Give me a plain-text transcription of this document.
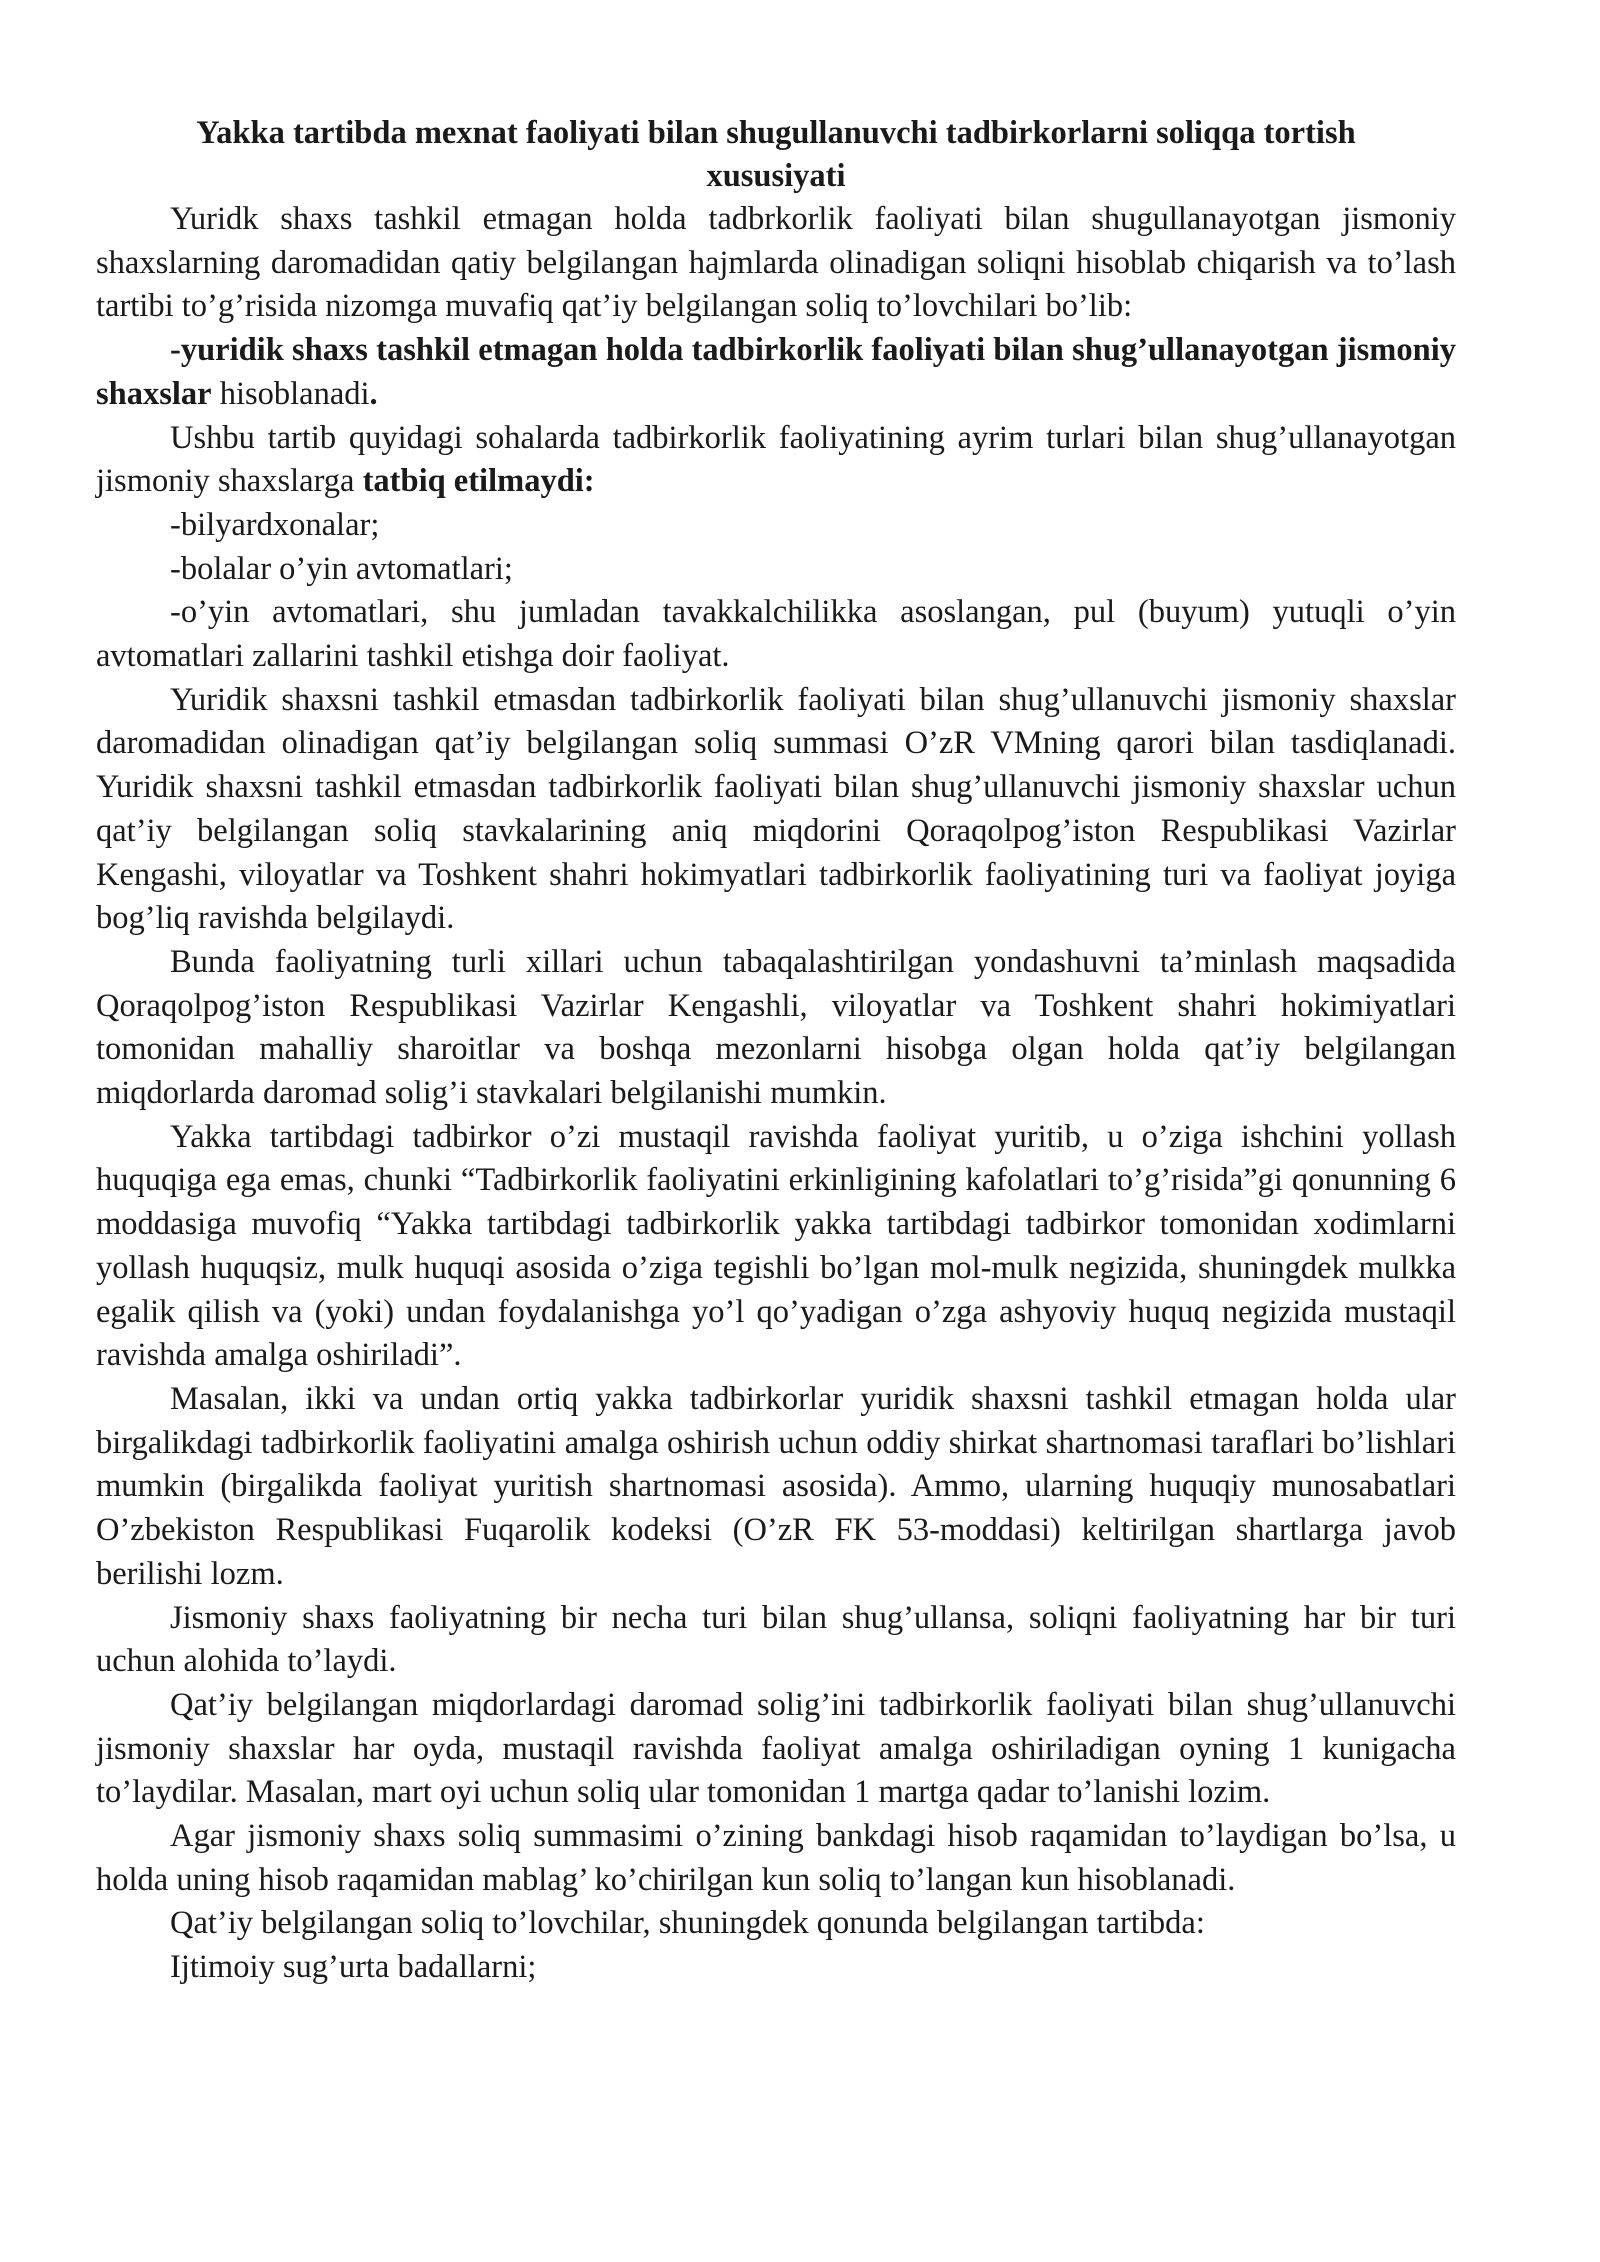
Yakka tartibda mexnat faoliyati bilan shugullanuvchi tadbirkorlarni soliqqa tortish xususiyati

Yuridk shaxs tashkil etmagan holda tadbrkorlik faoliyati bilan shugullanayotgan jismoniy shaxslarning daromadidan qatiy belgilangan hajmlarda olinadigan soliqni hisoblab chiqarish va to’lash tartibi to’g’risida nizomga muvafiq qat’iy belgilangan soliq to’lovchilari bo’lib:

-yuridik shaxs tashkil etmagan holda tadbirkorlik faoliyati bilan shug’ullanayotgan jismoniy shaxslar hisoblanadi.

Ushbu tartib quyidagi sohalarda tadbirkorlik faoliyatining ayrim turlari bilan shug’ullanayotgan jismoniy shaxslarga tatbiq etilmaydi:

-bilyardxonalar;

-bolalar o’yin avtomatlari;

-o’yin avtomatlari, shu jumladan tavakkalchilikka asoslangan, pul (buyum) yutuqli o’yin avtomatlari zallarini tashkil etishga doir faoliyat.

Yuridik shaxsni tashkil etmasdan tadbirkorlik faoliyati bilan shug’ullanuvchi jismoniy shaxslar daromadidan olinadigan qat’iy belgilangan soliq summasi O’zR VMning qarori bilan tasdiqlanadi. Yuridik shaxsni tashkil etmasdan tadbirkorlik faoliyati bilan shug’ullanuvchi jismoniy shaxslar uchun qat’iy belgilangan soliq stavkalarining aniq miqdorini Qoraqolpog’iston Respublikasi Vazirlar Kengashi, viloyatlar va Toshkent shahri hokimyatlari tadbirkorlik faoliyatining turi va faoliyat joyiga bog’liq ravishda belgilaydi.

Bunda faoliyatning turli xillari uchun tabaqalashtirilgan yondashuvni ta’minlash maqsadida Qoraqolpog’iston Respublikasi Vazirlar Kengashli, viloyatlar va Toshkent shahri hokimiyatlari tomonidan mahalliy sharoitlar va boshqa mezonlarni hisobga olgan holda qat’iy belgilangan miqdorlarda daromad solig’i stavkalari belgilanishi mumkin.

Yakka tartibdagi tadbirkor o’zi mustaqil ravishda faoliyat yuritib, u o’ziga ishchini yollash huquqiga ega emas, chunki “Tadbirkorlik faoliyatini erkinligining kafolatlari to’g’risida”gi qonunning 6 moddasiga muvofiq “Yakka tartibdagi tadbirkorlik yakka tartibdagi tadbirkor tomonidan xodimlarni yollash huquqsiz, mulk huquqi asosida o’ziga tegishli bo’lgan mol-mulk negizida, shuningdek mulkka egalik qilish va (yoki) undan foydalanishga yo’l qo’yadigan o’zga ashyoviy huquq negizida mustaqil ravishda amalga oshiriladi”.

Masalan, ikki va undan ortiq yakka tadbirkorlar yuridik shaxsni tashkil etmagan holda ular birgalikdagi tadbirkorlik faoliyatini amalga oshirish uchun oddiy shirkat shartnomasi taraflari bo’lishlari mumkin (birgalikda faoliyat yuritish shartnomasi asosida). Ammo, ularning huquqiy munosabatlari O’zbekiston Respublikasi Fuqarolik kodeksi (O’zR FK 53-moddasi) keltirilgan shartlarga javob berilishi lozm.

Jismoniy shaxs faoliyatning bir necha turi bilan shug’ullansa, soliqni faoliyatning har bir turi uchun alohida to’laydi.

Qat’iy belgilangan miqdorlardagi daromad solig’ini tadbirkorlik faoliyati bilan shug’ullanuvchi jismoniy shaxslar har oyda, mustaqil ravishda faoliyat amalga oshiriladigan oyning 1 kunigacha to’laydilar. Masalan, mart oyi uchun soliq ular tomonidan 1 martga qadar to’lanishi lozim.

Agar jismoniy shaxs soliq summasimi o’zining bankdagi hisob raqamidan to’laydigan bo’lsa, u holda uning hisob raqamidan mablag’ ko’chirilgan kun soliq to’langan kun hisoblanadi.

Qat’iy belgilangan soliq to’lovchilar, shuningdek qonunda belgilangan tartibda:

Ijtimoiy sug’urta badallarni;
